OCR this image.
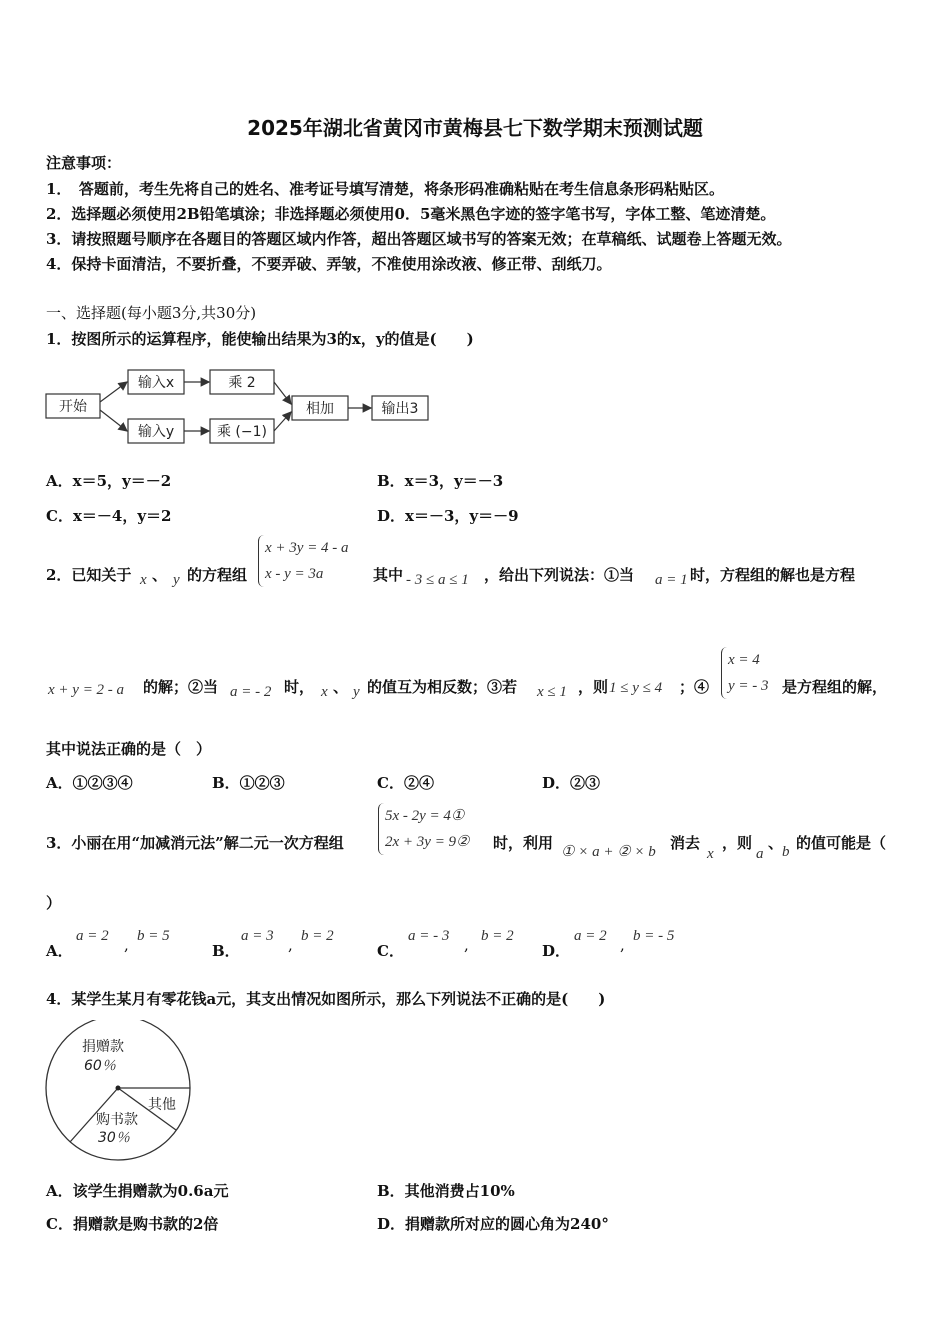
2025年湖北省黄冈市黄梅县七下数学期末预测试题
注意事项：
1．　答题前，考生先将自己的姓名、准考证号填写清楚，将条形码准确粘贴在考生信息条形码粘贴区。
2．选择题必须使用2B铅笔填涂；非选择题必须使用0．5毫米黑色字迹的签字笔书写，字体工整、笔迹清楚。
3．请按照题号顺序在各题目的答题区域内作答，超出答题区域书写的答案无效；在草稿纸、试题卷上答题无效。
4．保持卡面清洁，不要折叠，不要弄破、弄皱，不准使用涂改液、修正带、刮纸刀。
一、选择题(每小题3分,共30分)
1．按图所示的运算程序，能使输出结果为3的x，y的值是(　　)
开始
输入x	乘 2
输入y	乘 (−1)
相加	输出3
A．x＝5，y＝－2	B．x＝3，y＝－3
C．x＝－4，y＝2	D．x＝－3，y＝－9
2．已知关于 x 、 y 的方程组
x + 3y = 4 - a
x - y = 3a	其中 - 3 ≤ a ≤ 1 ，给出下列说法：①当 a = 1 时，方程组的解也是方程
x + y = 2 - a 的解；②当 a = - 2 时， x 、 y 的值互为相反数；③若 x ≤ 1 ，则 1 ≤ y ≤ 4 ；④
x = 4
y = - 3 是方程组的解，
其中说法正确的是（　）
A．①②③④	B．①②③	C．②④	D．②③
3．小丽在用“加减消元法”解二元一次方程组
5x - 2y = 4①
2x + 3y = 9② 时，利用 ① × a + ② × b 消去
x
，则
a
、
b 的值可能是（
）
A．
a = 2 , b = 5
B．
a = 3 , b = 2
C．
a = - 3 , b = 2
D．
a = 2 , b = - 5
4．某学生某月有零花钱a元，其支出情况如图所示，那么下列说法不正确的是(　　)
捐赠款
60％
其他
购书款
30％
A．该学生捐赠款为0.6a元	B．其他消费占10%
C．捐赠款是购书款的2倍	D．捐赠款所对应的圆心角为240°
